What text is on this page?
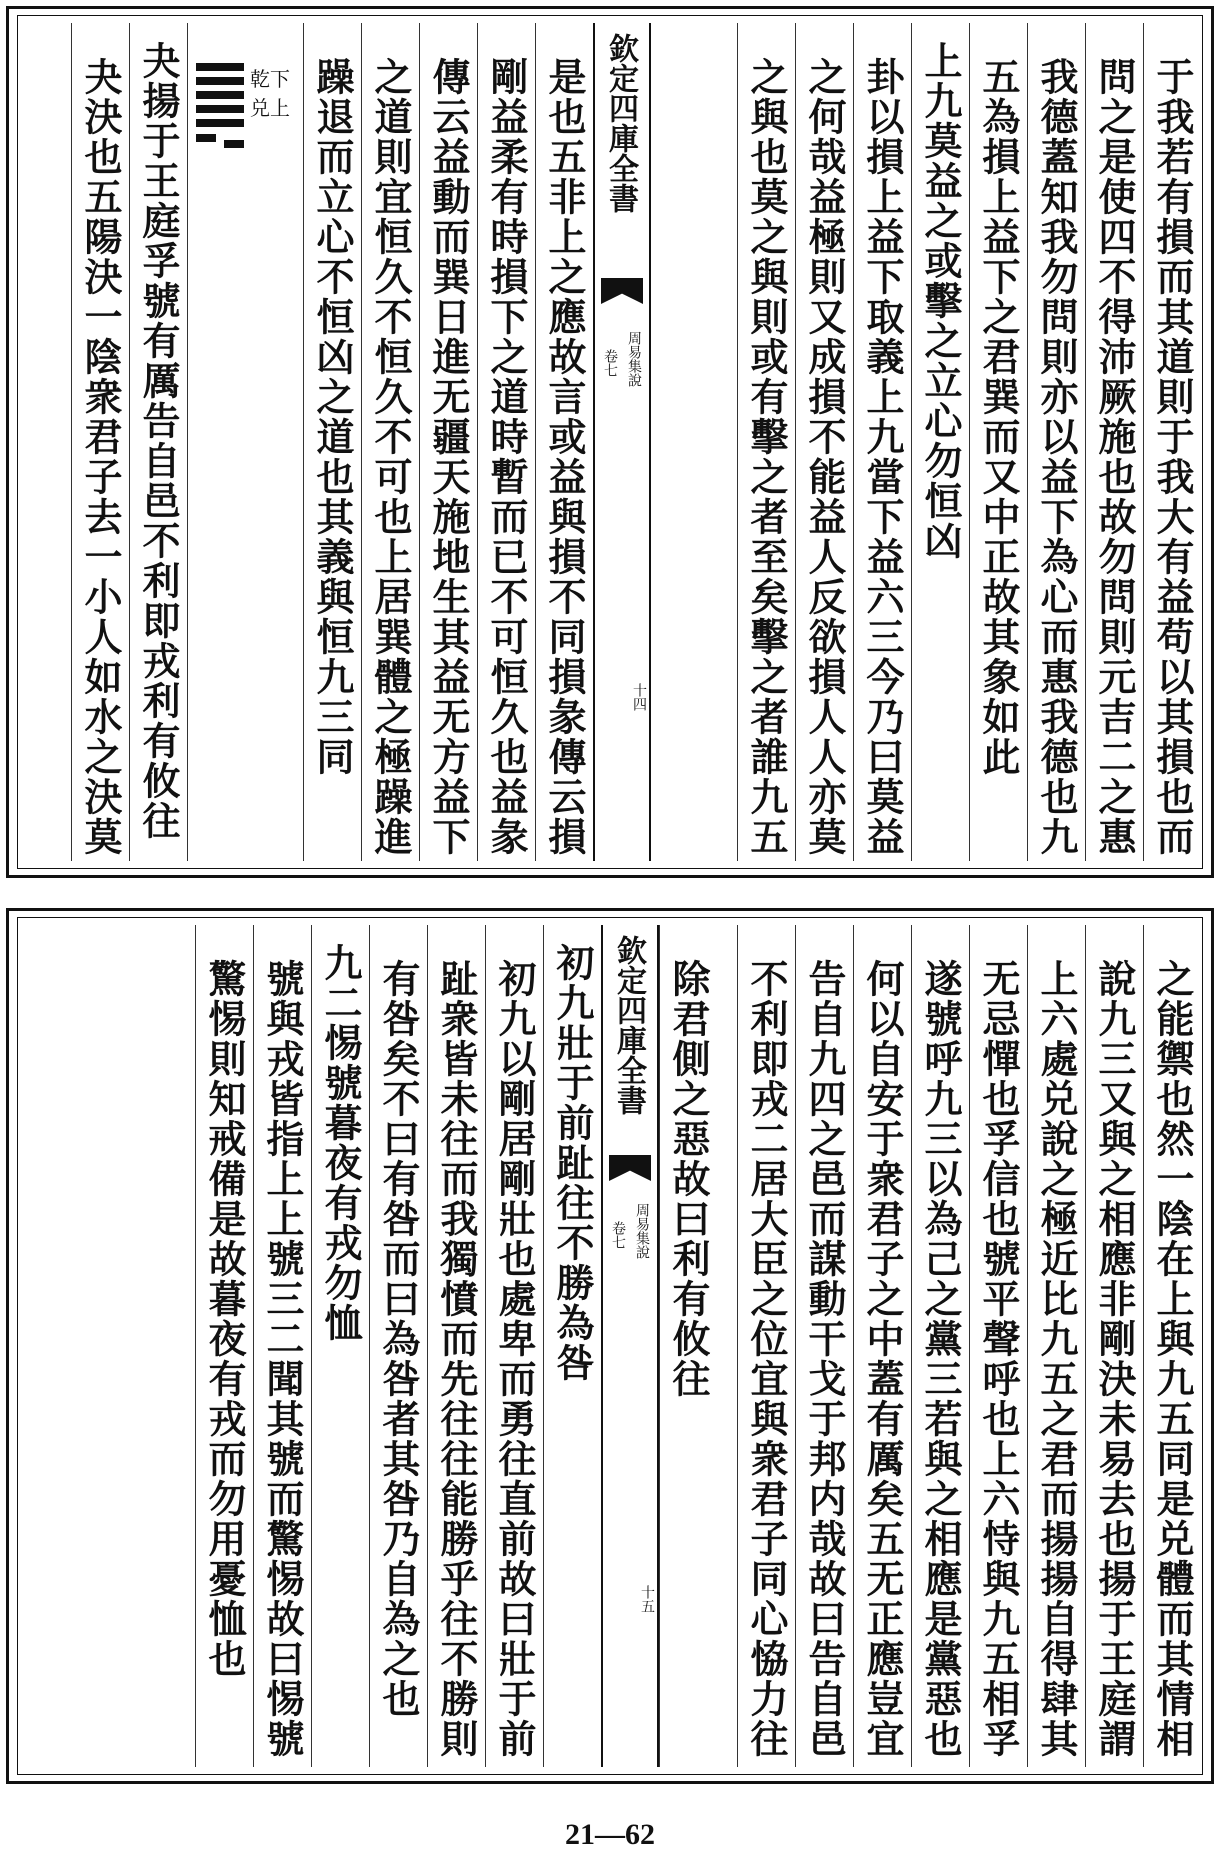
于我若有損而其道則于我大有益苟以其損也而
問之是使四不得沛厥施也故勿問則元吉二之惠
我德蓋知我勿問則亦以益下為心而惠我德也九
五為損上益下之君巽而又中正故其象如此
上九莫益之或擊之立心勿恒凶
卦以損上益下取義上九當下益六三今乃曰莫益
之何哉益極則又成損不能益人反欲損人人亦莫
之與也莫之與則或有擊之者至矣擊之者誰九五
欽定四庫全書
周易集說
卷七
十四
是也五非上之應故言或益與損不同損彖傳云損
剛益柔有時損下之道時暫而已不可恒久也益彖
傳云益動而巽日進无疆天施地生其益无方益下
之道則宜恒久不恒久不可也上居巽體之極躁進
躁退而立心不恒凶之道也其義與恒九三同
乾下
兑上
夬揚于王庭孚號有厲告自邑不利即戎利有攸往
夬決也五陽決一陰衆君子去一小人如水之決莫
之能禦也然一陰在上與九五同是兑體而其情相
說九三又與之相應非剛決未易去也揚于王庭謂
上六處兑說之極近比九五之君而揚揚自得肆其
无忌憚也孚信也號平聲呼也上六恃與九五相孚
遂號呼九三以為己之黨三若與之相應是黨惡也
何以自安于衆君子之中蓋有厲矣五无正應豈宜
告自九四之邑而謀動干戈于邦内哉故曰告自邑
不利即戎二居大臣之位宜與衆君子同心恊力往
除君側之惡故曰利有攸往
欽定四庫全書
周易集說
卷七
十五
初九壯于前趾往不勝為咎
初九以剛居剛壯也處卑而勇往直前故曰壯于前
趾衆皆未往而我獨憤而先往往能勝乎往不勝則
有咎矣不曰有咎而曰為咎者其咎乃自為之也
九二惕號暮夜有戎勿恤
號與戎皆指上上號三二聞其號而驚惕故曰惕號
驚惕則知戒備是故暮夜有戎而勿用憂恤也
21—62
